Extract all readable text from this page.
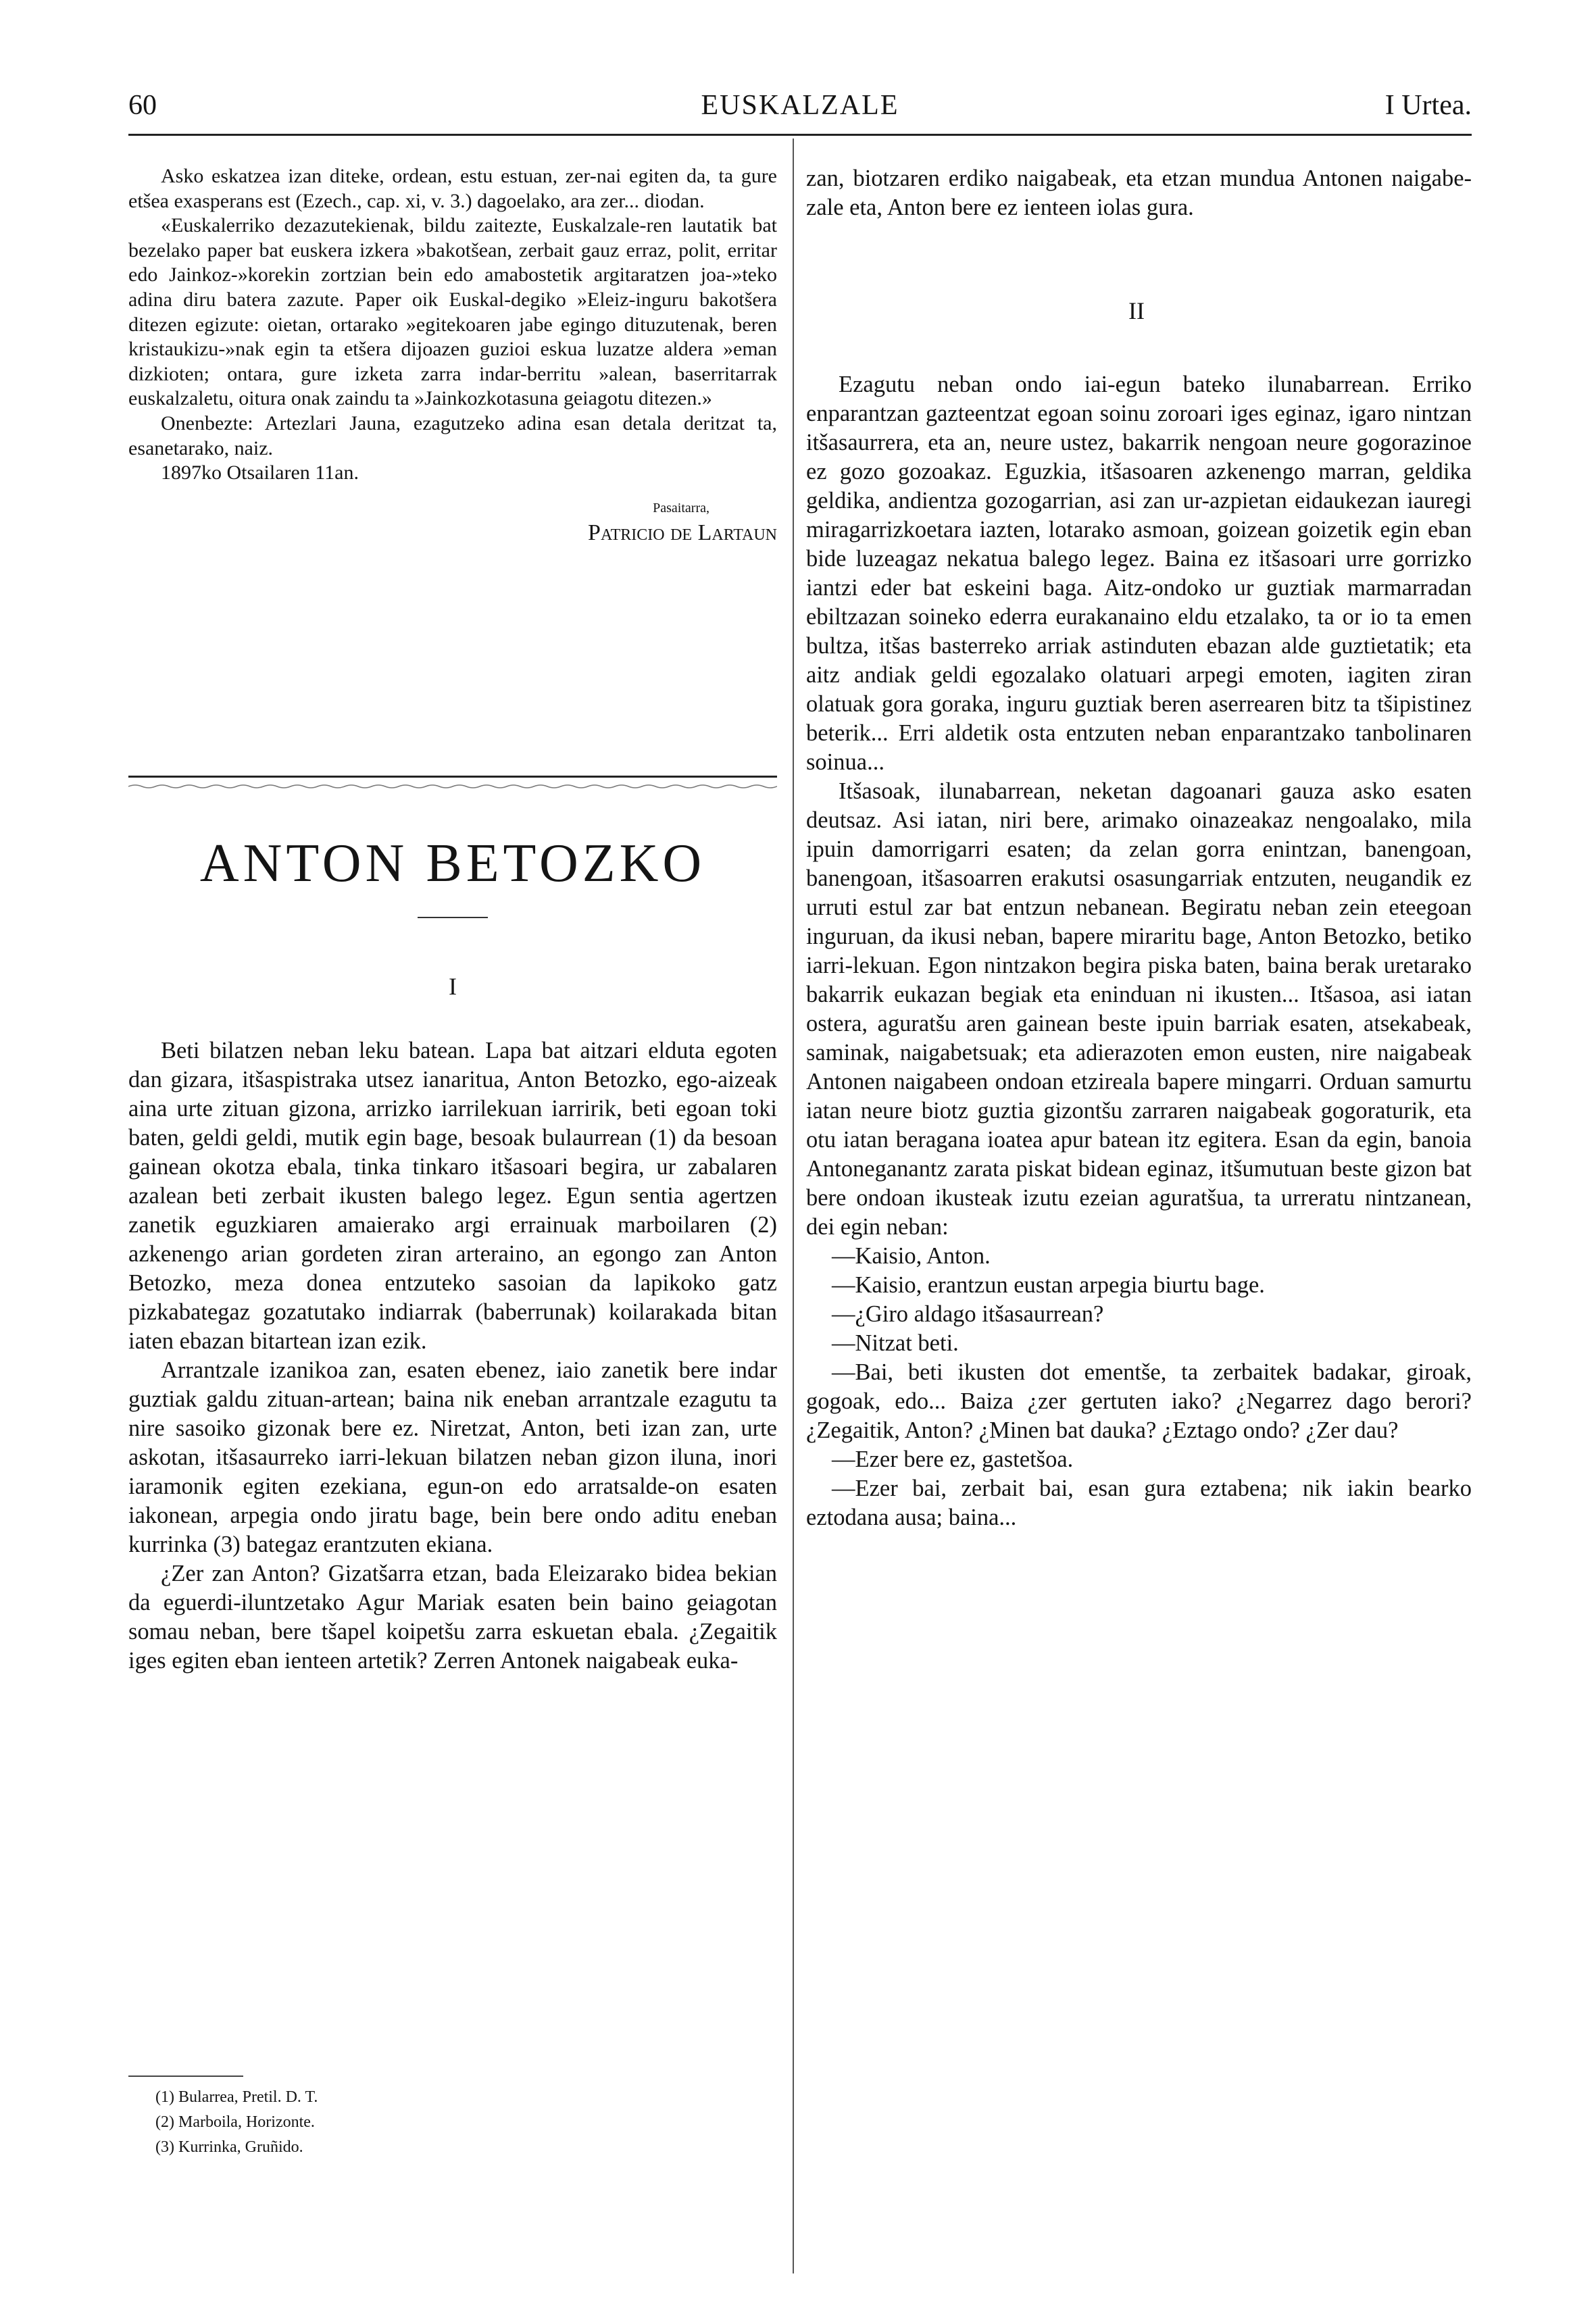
60	EUSKALZALE	I Urtea.

Asko eskatzea izan diteke, ordean, estu estuan, zer-nai egiten da, ta gure etšea exasperans est (Ezech., cap. xi, v. 3.) dagoelako, ara zer... diodan.

«Euskalerriko dezazutekienak, bildu zaitezte, Euskalzale-ren lautatik bat bezelako paper bat euskera izkera »bakotšean, zerbait gauz erraz, polit, erritar edo Jainkoz-»korekin zortzian bein edo amabostetik argitaratzen joa-»teko adina diru batera zazute. Paper oik Euskal-degiko »Eleiz-inguru bakotšera ditezen egizute: oietan, ortarako »egitekoaren jabe egingo dituzutenak, beren kristaukizu-»nak egin ta etšera dijoazen guzioi eskua luzatze aldera »eman dizkioten; ontara, gure izketa zarra indar-berritu »alean, baserritarrak euskalzaletu, oitura onak zaindu ta »Jainkozkotasuna geiagotu ditezen.»

Onenbezte: Artezlari Jauna, ezagutzeko adina esan detala deritzat ta, esanetarako, naiz.

1897ko Otsailaren 11an.

Pasaitarra,

Patricio de Lartaun

ANTON BETOZKO
I

Beti bilatzen neban leku batean. Lapa bat aitzari elduta egoten dan gizara, itšaspistraka utsez ianaritua, Anton Betozko, ego-aizeak aina urte zituan gizona, arrizko iarrilekuan iarririk, beti egoan toki baten, geldi geldi, mutik egin bage, besoak bulaurrean (1) da besoan gainean okotza ebala, tinka tinkaro itšasoari begira, ur zabalaren azalean beti zerbait ikusten balego legez. Egun sentia agertzen zanetik eguzkiaren amaierako argi errainuak marboilaren (2) azkenengo arian gordeten ziran arteraino, an egongo zan Anton Betozko, meza donea entzuteko sasoian da lapikoko gatz pizkabategaz gozatutako indiarrak (baberrunak) koilarakada bitan iaten ebazan bitartean izan ezik.

Arrantzale izanikoa zan, esaten ebenez, iaio zanetik bere indar guztiak galdu zituan-artean; baina nik eneban arrantzale ezagutu ta nire sasoiko gizonak bere ez. Niretzat, Anton, beti izan zan, urte askotan, itšasaurreko iarri-lekuan bilatzen neban gizon iluna, inori iaramonik egiten ezekiana, egun-on edo arratsalde-on esaten iakonean, arpegia ondo jiratu bage, bein bere ondo aditu eneban kurrinka (3) bategaz erantzuten ekiana.

¿Zer zan Anton? Gizatšarra etzan, bada Eleizarako bidea bekian da eguerdi-iluntzetako Agur Mariak esaten bein baino geiagotan somau neban, bere tšapel koipetšu zarra eskuetan ebala. ¿Zegaitik iges egiten eban ienteen artetik? Zerren Antonek naigabeak euka-

(1) Bularrea, Pretil. D. T.

(2) Marboila, Horizonte.

(3) Kurrinka, Gruñido.

zan, biotzaren erdiko naigabeak, eta etzan mundua Antonen naigabe-zale eta, Anton bere ez ienteen iolas gura.

II

Ezagutu neban ondo iai-egun bateko ilunabarrean. Erriko enparantzan gazteentzat egoan soinu zoroari iges eginaz, igaro nintzan itšasaurrera, eta an, neure ustez, bakarrik nengoan neure gogorazinoe ez gozo gozoakaz. Eguzkia, itšasoaren azkenengo marran, geldika geldika, andientza gozogarrian, asi zan ur-azpietan eidaukezan iauregi miragarrizkoetara iazten, lotarako asmoan, goizean goizetik egin eban bide luzeagaz nekatua balego legez. Baina ez itšasoari urre gorrizko iantzi eder bat eskeini baga. Aitz-ondoko ur guztiak marmarradan ebiltzazan soineko ederra eurakanaino eldu etzalako, ta or io ta emen bultza, itšas basterreko arriak astinduten ebazan alde guztietatik; eta aitz andiak geldi egozalako olatuari arpegi emoten, iagiten ziran olatuak gora goraka, inguru guztiak beren aserrearen bitz ta tšipistinez beterik... Erri aldetik osta entzuten neban enparantzako tanbolinaren soinua...

Itšasoak, ilunabarrean, neketan dagoanari gauza asko esaten deutsaz. Asi iatan, niri bere, arimako oinazeakaz nengoalako, mila ipuin damorrigarri esaten; da zelan gorra enintzan, banengoan, banengoan, itšasoarren erakutsi osasungarriak entzuten, neugandik ez urruti estul zar bat entzun nebanean. Begiratu neban zein eteegoan inguruan, da ikusi neban, bapere miraritu bage, Anton Betozko, betiko iarri-lekuan. Egon nintzakon begira piska baten, baina berak uretarako bakarrik eukazan begiak eta eninduan ni ikusten... Itšasoa, asi iatan ostera, aguratšu aren gainean beste ipuin barriak esaten, atsekabeak, saminak, naigabetsuak; eta adierazoten emon eusten, nire naigabeak Antonen naigabeen ondoan etzireala bapere mingarri. Orduan samurtu iatan neure biotz guztia gizontšu zarraren naigabeak gogoraturik, eta otu iatan beragana ioatea apur batean itz egitera. Esan da egin, banoia Antoneganantz zarata piskat bidean eginaz, itšumutuan beste gizon bat bere ondoan ikusteak izutu ezeian aguratšua, ta urreratu nintzanean, dei egin neban:

—Kaisio, Anton.

—Kaisio, erantzun eustan arpegia biurtu bage.

—¿Giro aldago itšasaurrean?

—Nitzat beti.

—Bai, beti ikusten dot ementše, ta zerbaitek badakar, giroak, gogoak, edo... Baiza ¿zer gertuten iako? ¿Negarrez dago berori? ¿Zegaitik, Anton? ¿Minen bat dauka? ¿Eztago ondo? ¿Zer dau?

—Ezer bere ez, gastetšoa.

—Ezer bai, zerbait bai, esan gura eztabena; nik iakin bearko eztodana ausa; baina...
